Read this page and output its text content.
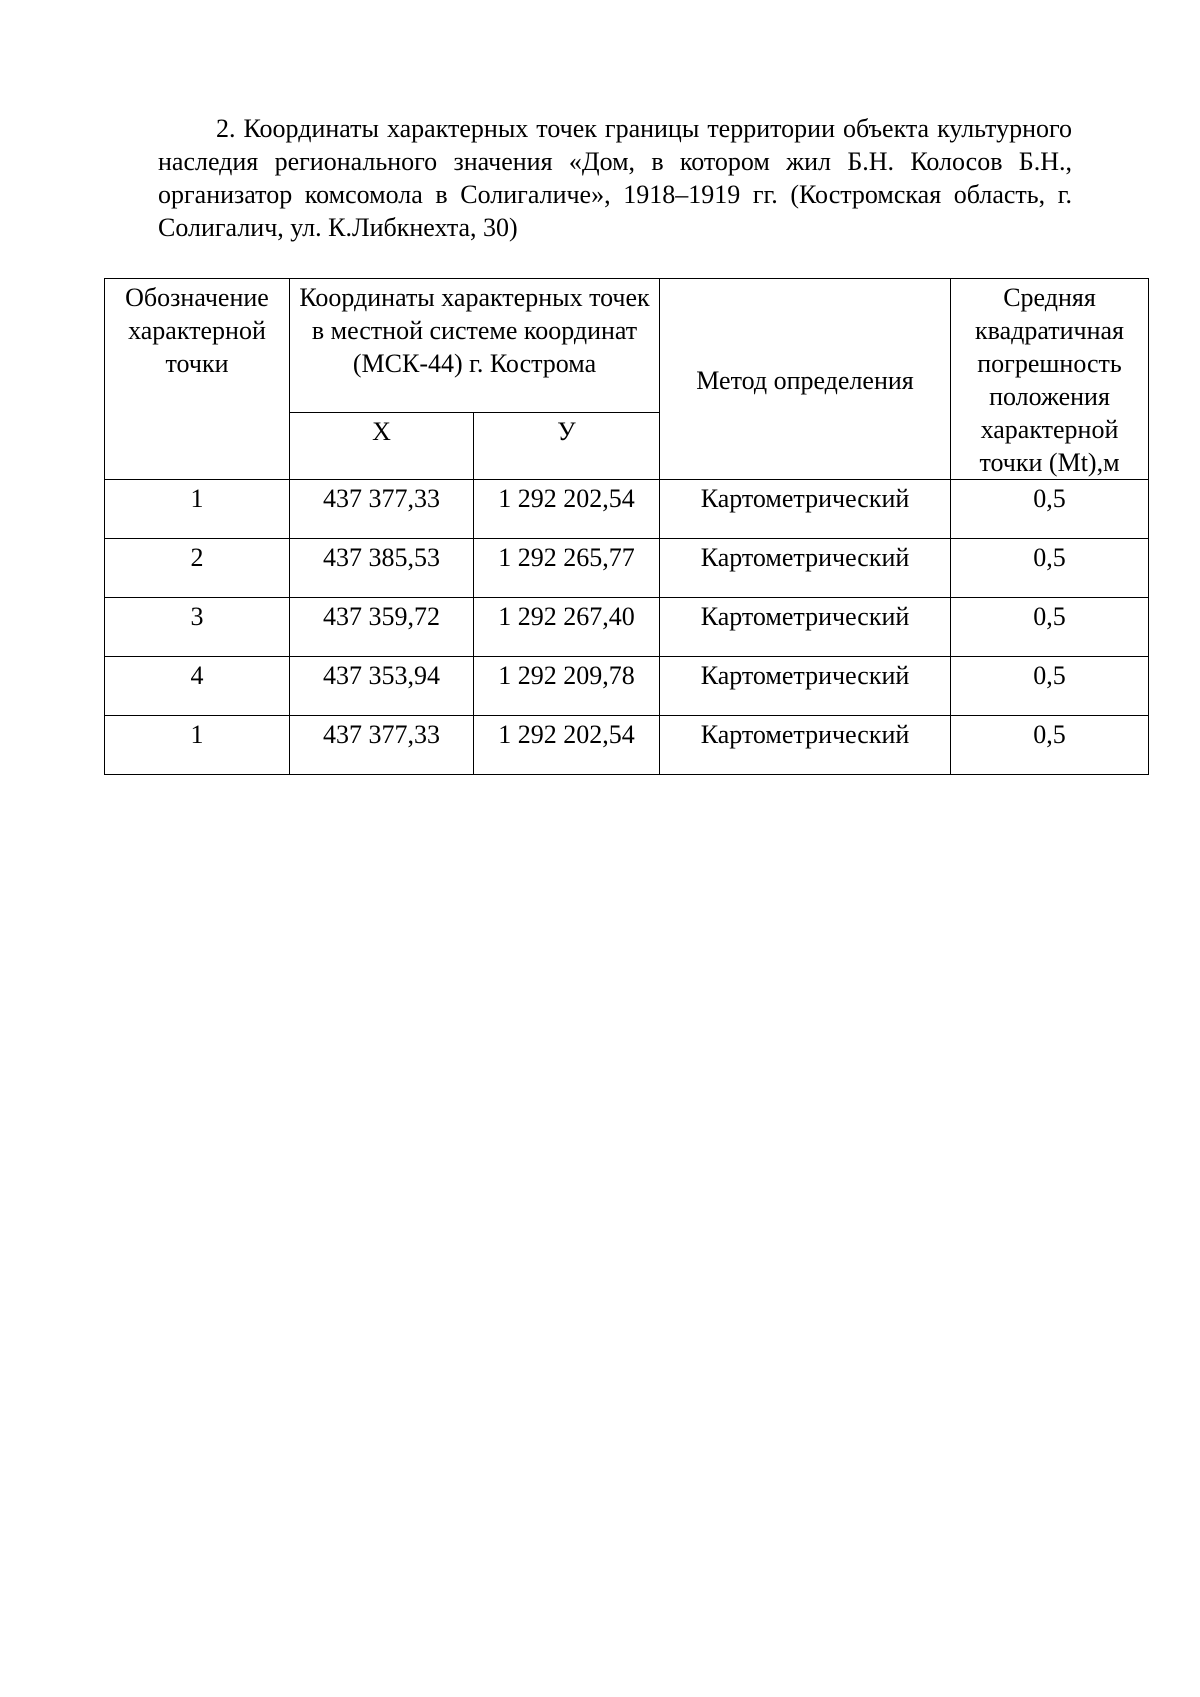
2. Координаты характерных точек границы территории объекта культурного наследия регионального значения «Дом, в котором жил Б.Н. Колосов Б.Н., организатор комсомола в Солигаличе», 1918–1919 гг. (Костромская область, г. Солигалич, ул. К.Либкнехта, 30)

Обозначение характерной точки	Координаты характерных точек в местной системе координат (МСК-44) г. Кострома		Метод определения	Средняя квадратичная погрешность положения характерной точки (Mt),м
	Х	У		
1	437 377,33	1 292 202,54	Картометрический	0,5
2	437 385,53	1 292 265,77	Картометрический	0,5
3	437 359,72	1 292 267,40	Картометрический	0,5
4	437 353,94	1 292 209,78	Картометрический	0,5
1	437 377,33	1 292 202,54	Картометрический	0,5
